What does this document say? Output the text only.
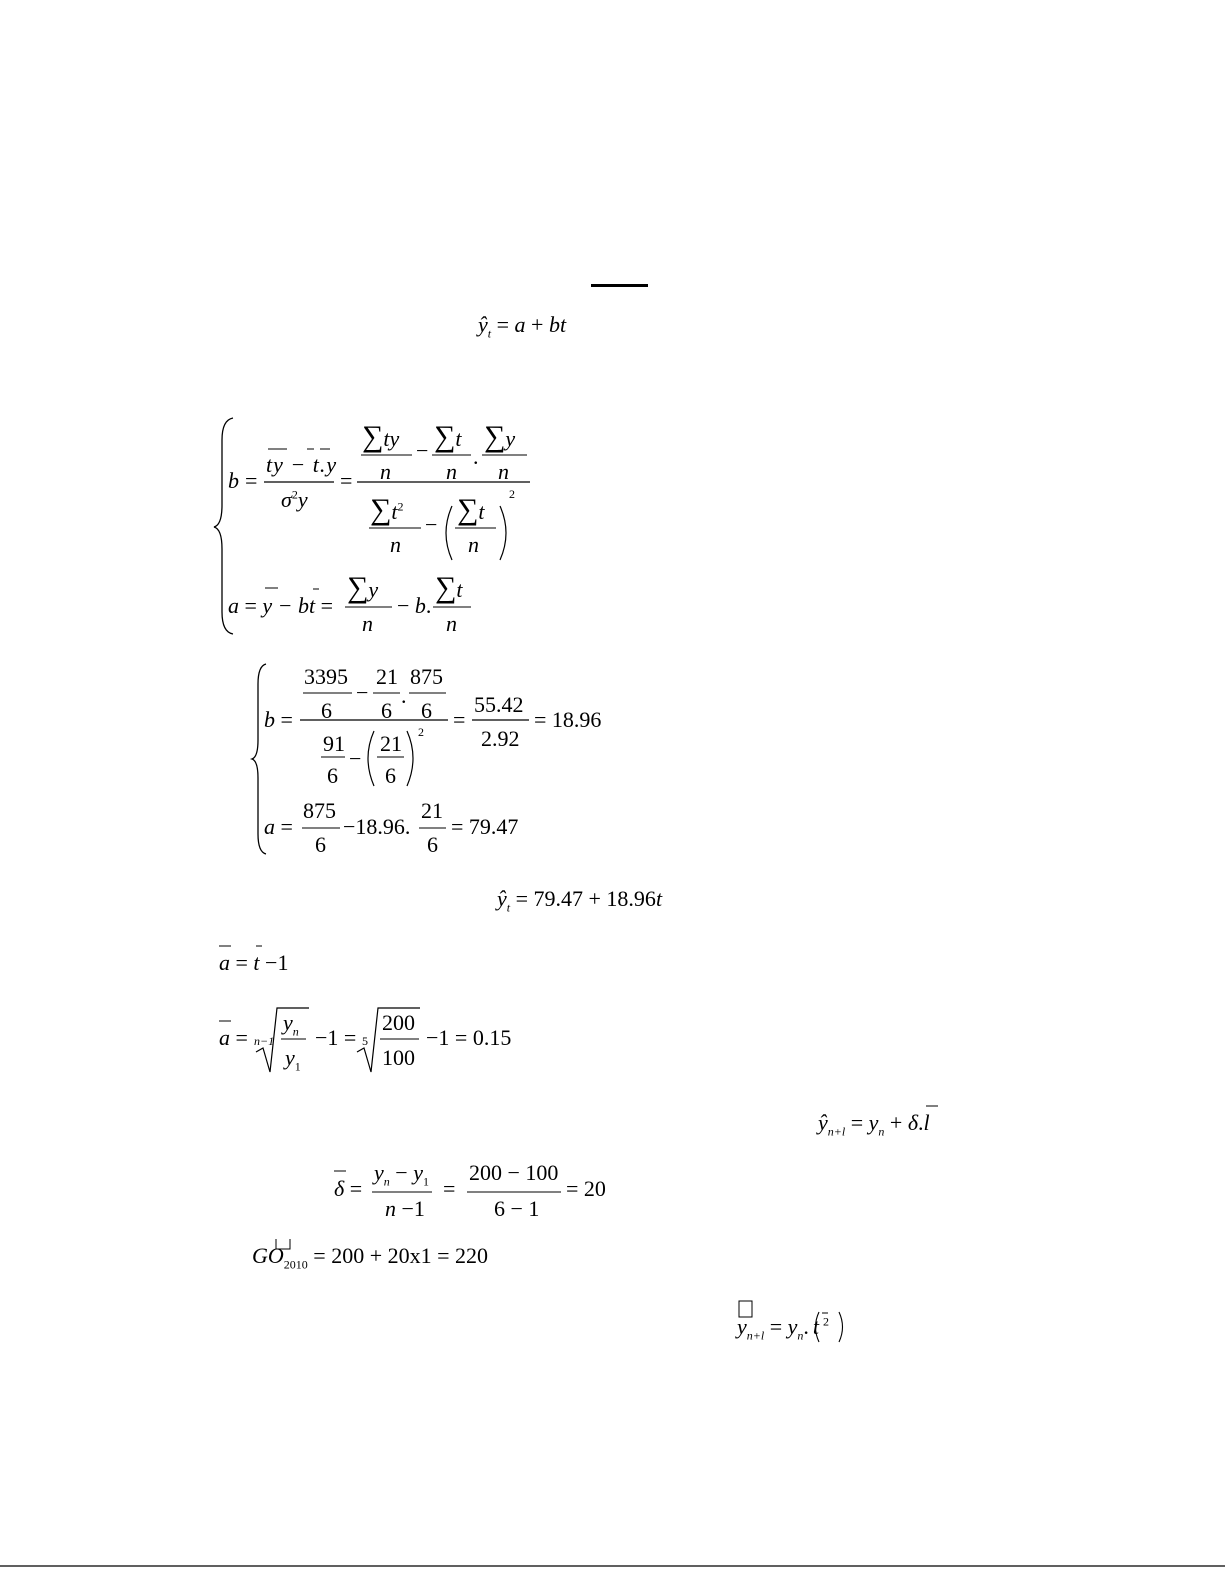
$ŷ_t = a$ + bt
b =
ty − t.y
$\sigma^2y$
=
∑ty
n
− ∑t
n
.
∑y
n
$\sum t^2$
n
− ∑t
n
2
a = y − bt =
∑y
n
− b.
∑t
n
b =
3395
6
−
21
6
.
875
6
91
6
−
21
6
2 =
55.42
2.92
= 18.96
a =
875
6
−18.96.
21
6
= 79.47
$ŷ_t = 79.47 + 18.96t$
a = t −1
a = n−1
$y_n$
$y_1$
−1 = 5
200
100
−1 = 0.15
$ŷ_{n+l} = y_n + \delta.l$
δ =
$y_n - y_1$
n −1
=
200 − 100
6 − 1
= 20
$GO_{2010} = 200 + 20x1 = 220$
$y_{n+l} = y_n$. t $^2$
